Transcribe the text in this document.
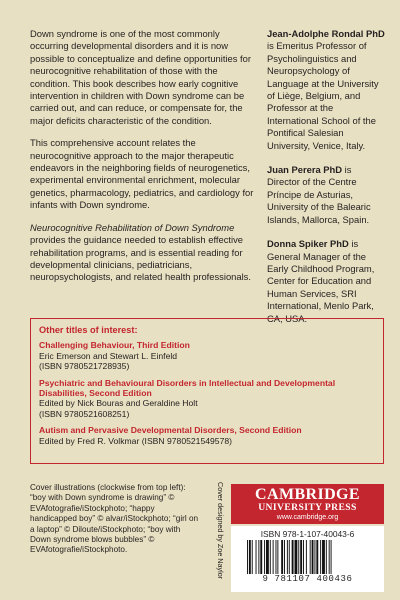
Down syndrome is one of the most commonly occurring developmental disorders and it is now possible to conceptualize and define opportunities for neurocognitive rehabilitation of those with the condition. This book describes how early cognitive intervention in children with Down syndrome can be carried out, and can reduce, or compensate for, the major deficits characteristic of the condition.

This comprehensive account relates the neurocognitive approach to the major therapeutic endeavors in the neighboring fields of neurogenetics, experimental environmental enrichment, molecular genetics, pharmacology, pediatrics, and cardiology for infants with Down syndrome.

Neurocognitive Rehabilitation of Down Syndrome provides the guidance needed to establish effective rehabilitation programs, and is essential reading for developmental clinicians, pediatricians, neuropsychologists, and related health professionals.

Jean-Adolphe Rondal PhD is Emeritus Professor of Psycholinguistics and Neuropsychology of Language at the University of Liège, Belgium, and Professor at the International School of the Pontifical Salesian University, Venice, Italy.
Juan Perera PhD is Director of the Centre Príncipe de Asturias, University of the Balearic Islands, Mallorca, Spain.
Donna Spiker PhD is General Manager of the Early Childhood Program, Center for Education and Human Services, SRI International, Menlo Park, CA, USA.
Other titles of interest:
Challenging Behaviour, Third Edition
Eric Emerson and Stewart L. Einfeld
(ISBN 9780521728935)
Psychiatric and Behavioural Disorders in Intellectual and Developmental Disabilities, Second Edition
Edited by Nick Bouras and Geraldine Holt
(ISBN 9780521608251)
Autism and Pervasive Developmental Disorders, Second Edition
Edited by Fred R. Volkmar (ISBN 9780521549578)
Cover illustrations (clockwise from top left): “boy with Down syndrome is drawing” © EVAfotografie/iStockphoto; “happy handicapped boy” © alvar/iStockphoto; “girl on a laptop” © Diloute/iStockphoto; “boy with Down syndrome blows bubbles” © EVAfotografie/iStockphoto.	Cover designed by Zoe Naylor	CAMBRIDGE
UNIVERSITY PRESS
www.cambridge.org
ISBN 978-1-107-40043-6
9 781107 400436
